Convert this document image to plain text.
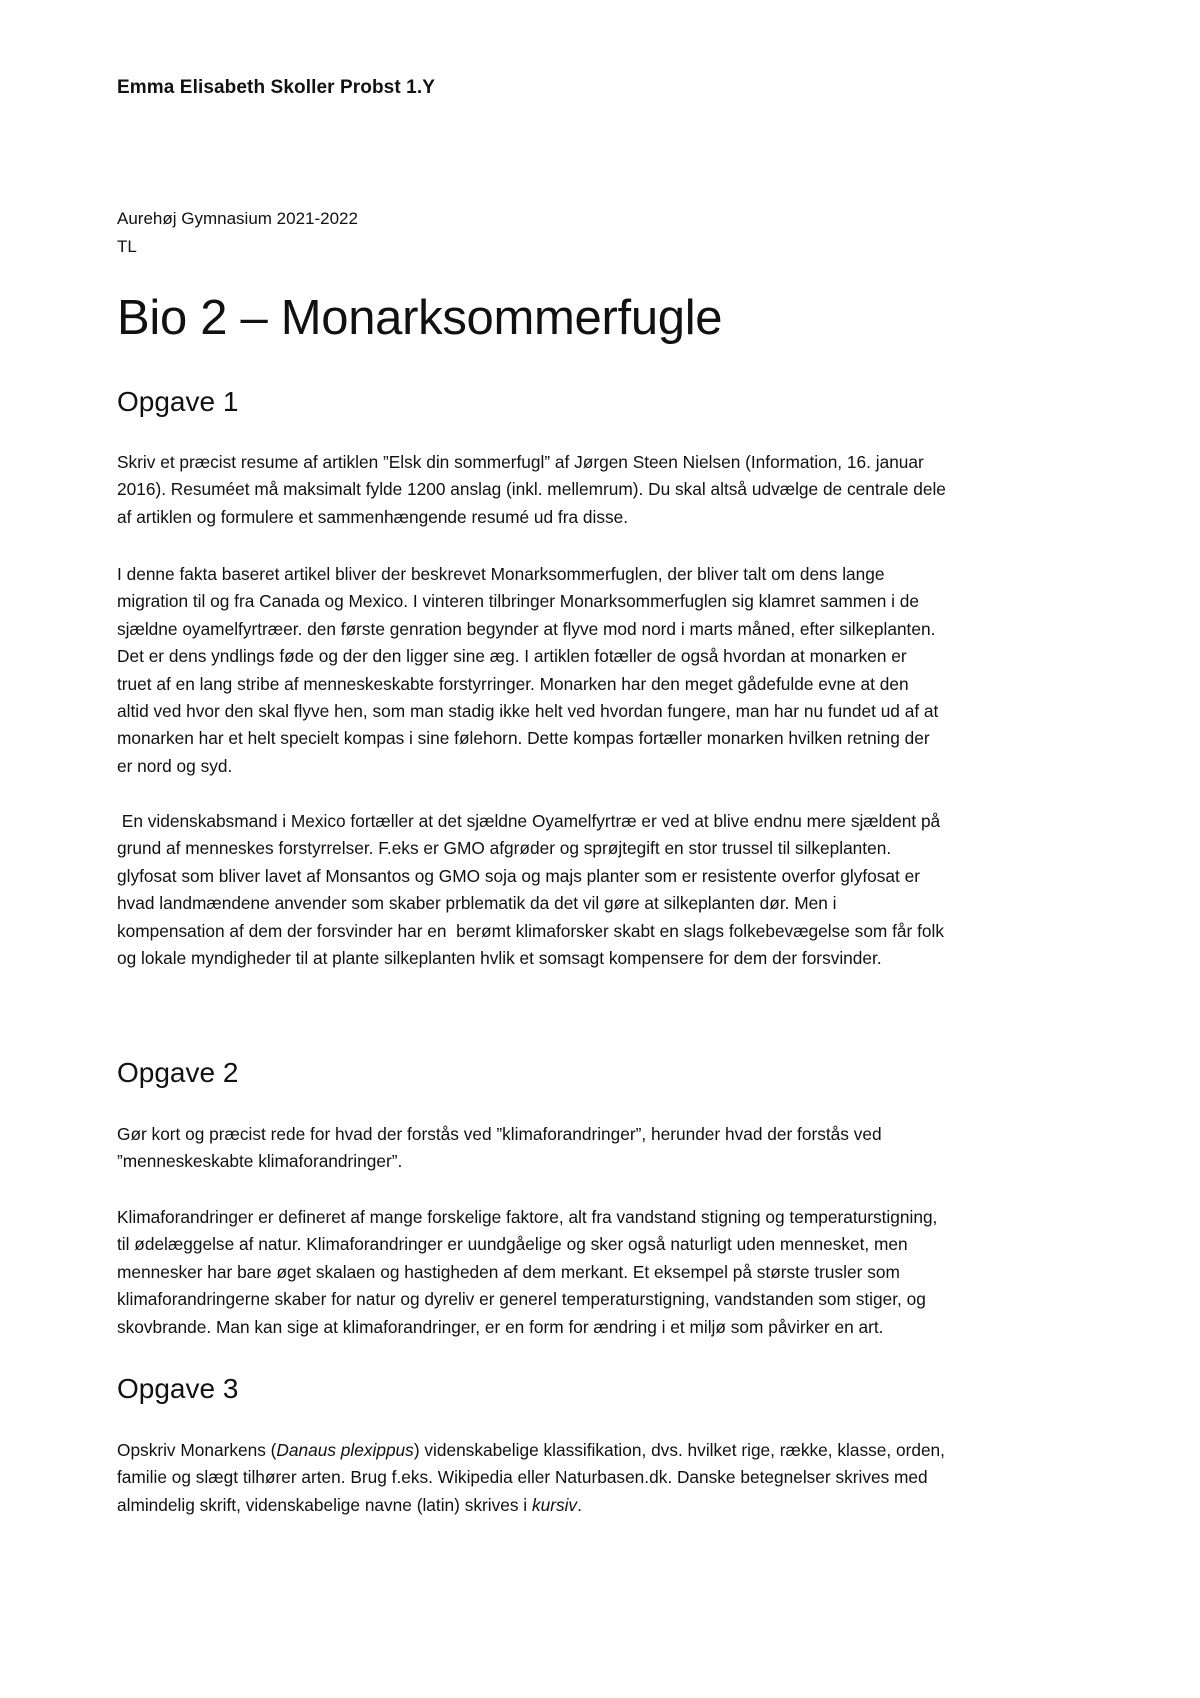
Emma Elisabeth Skoller Probst 1.Y
Aurehøj Gymnasium 2021-2022
TL
Bio 2 – Monarksommerfugle
Opgave 1

Skriv et præcist resume af artiklen ”Elsk din sommerfugl” af Jørgen Steen Nielsen (Information, 16. januar
2016). Resuméet må maksimalt fylde 1200 anslag (inkl. mellemrum). Du skal altså udvælge de centrale dele
af artiklen og formulere et sammenhængende resumé ud fra disse.

I denne fakta baseret artikel bliver der beskrevet Monarksommerfuglen, der bliver talt om dens lange
migration til og fra Canada og Mexico. I vinteren tilbringer Monarksommerfuglen sig klamret sammen i de
sjældne oyamelfyrtræer. den første genration begynder at flyve mod nord i marts måned, efter silkeplanten.
Det er dens yndlings føde og der den ligger sine æg. I artiklen fotæller de også hvordan at monarken er
truet af en lang stribe af menneskeskabte forstyrringer. Monarken har den meget gådefulde evne at den
altid ved hvor den skal flyve hen, som man stadig ikke helt ved hvordan fungere, man har nu fundet ud af at
monarken har et helt specielt kompas i sine følehorn. Dette kompas fortæller monarken hvilken retning der
er nord og syd.

En videnskabsmand i Mexico fortæller at det sjældne Oyamelfyrtræ er ved at blive endnu mere sjældent på
grund af menneskes forstyrrelser. F.eks er GMO afgrøder og sprøjtegift en stor trussel til silkeplanten.
glyfosat som bliver lavet af Monsantos og GMO soja og majs planter som er resistente overfor glyfosat er
hvad landmændene anvender som skaber prblematik da det vil gøre at silkeplanten dør. Men i
kompensation af dem der forsvinder har en  berømt klimaforsker skabt en slags folkebevægelse som får folk
og lokale myndigheder til at plante silkeplanten hvlik et somsagt kompensere for dem der forsvinder.

Opgave 2

Gør kort og præcist rede for hvad der forstås ved ”klimaforandringer”, herunder hvad der forstås ved
”menneskeskabte klimaforandringer”.

Klimaforandringer er defineret af mange forskelige faktore, alt fra vandstand stigning og temperaturstigning,
til ødelæggelse af natur. Klimaforandringer er uundgåelige og sker også naturligt uden mennesket, men
mennesker har bare øget skalaen og hastigheden af dem merkant. Et eksempel på største trusler som
klimaforandringerne skaber for natur og dyreliv er generel temperaturstigning, vandstanden som stiger, og
skovbrande. Man kan sige at klimaforandringer, er en form for ændring i et miljø som påvirker en art.

Opgave 3

Opskriv Monarkens (Danaus plexippus) videnskabelige klassifikation, dvs. hvilket rige, række, klasse, orden,
familie og slægt tilhører arten. Brug f.eks. Wikipedia eller Naturbasen.dk. Danske betegnelser skrives med
almindelig skrift, videnskabelige navne (latin) skrives i kursiv.
